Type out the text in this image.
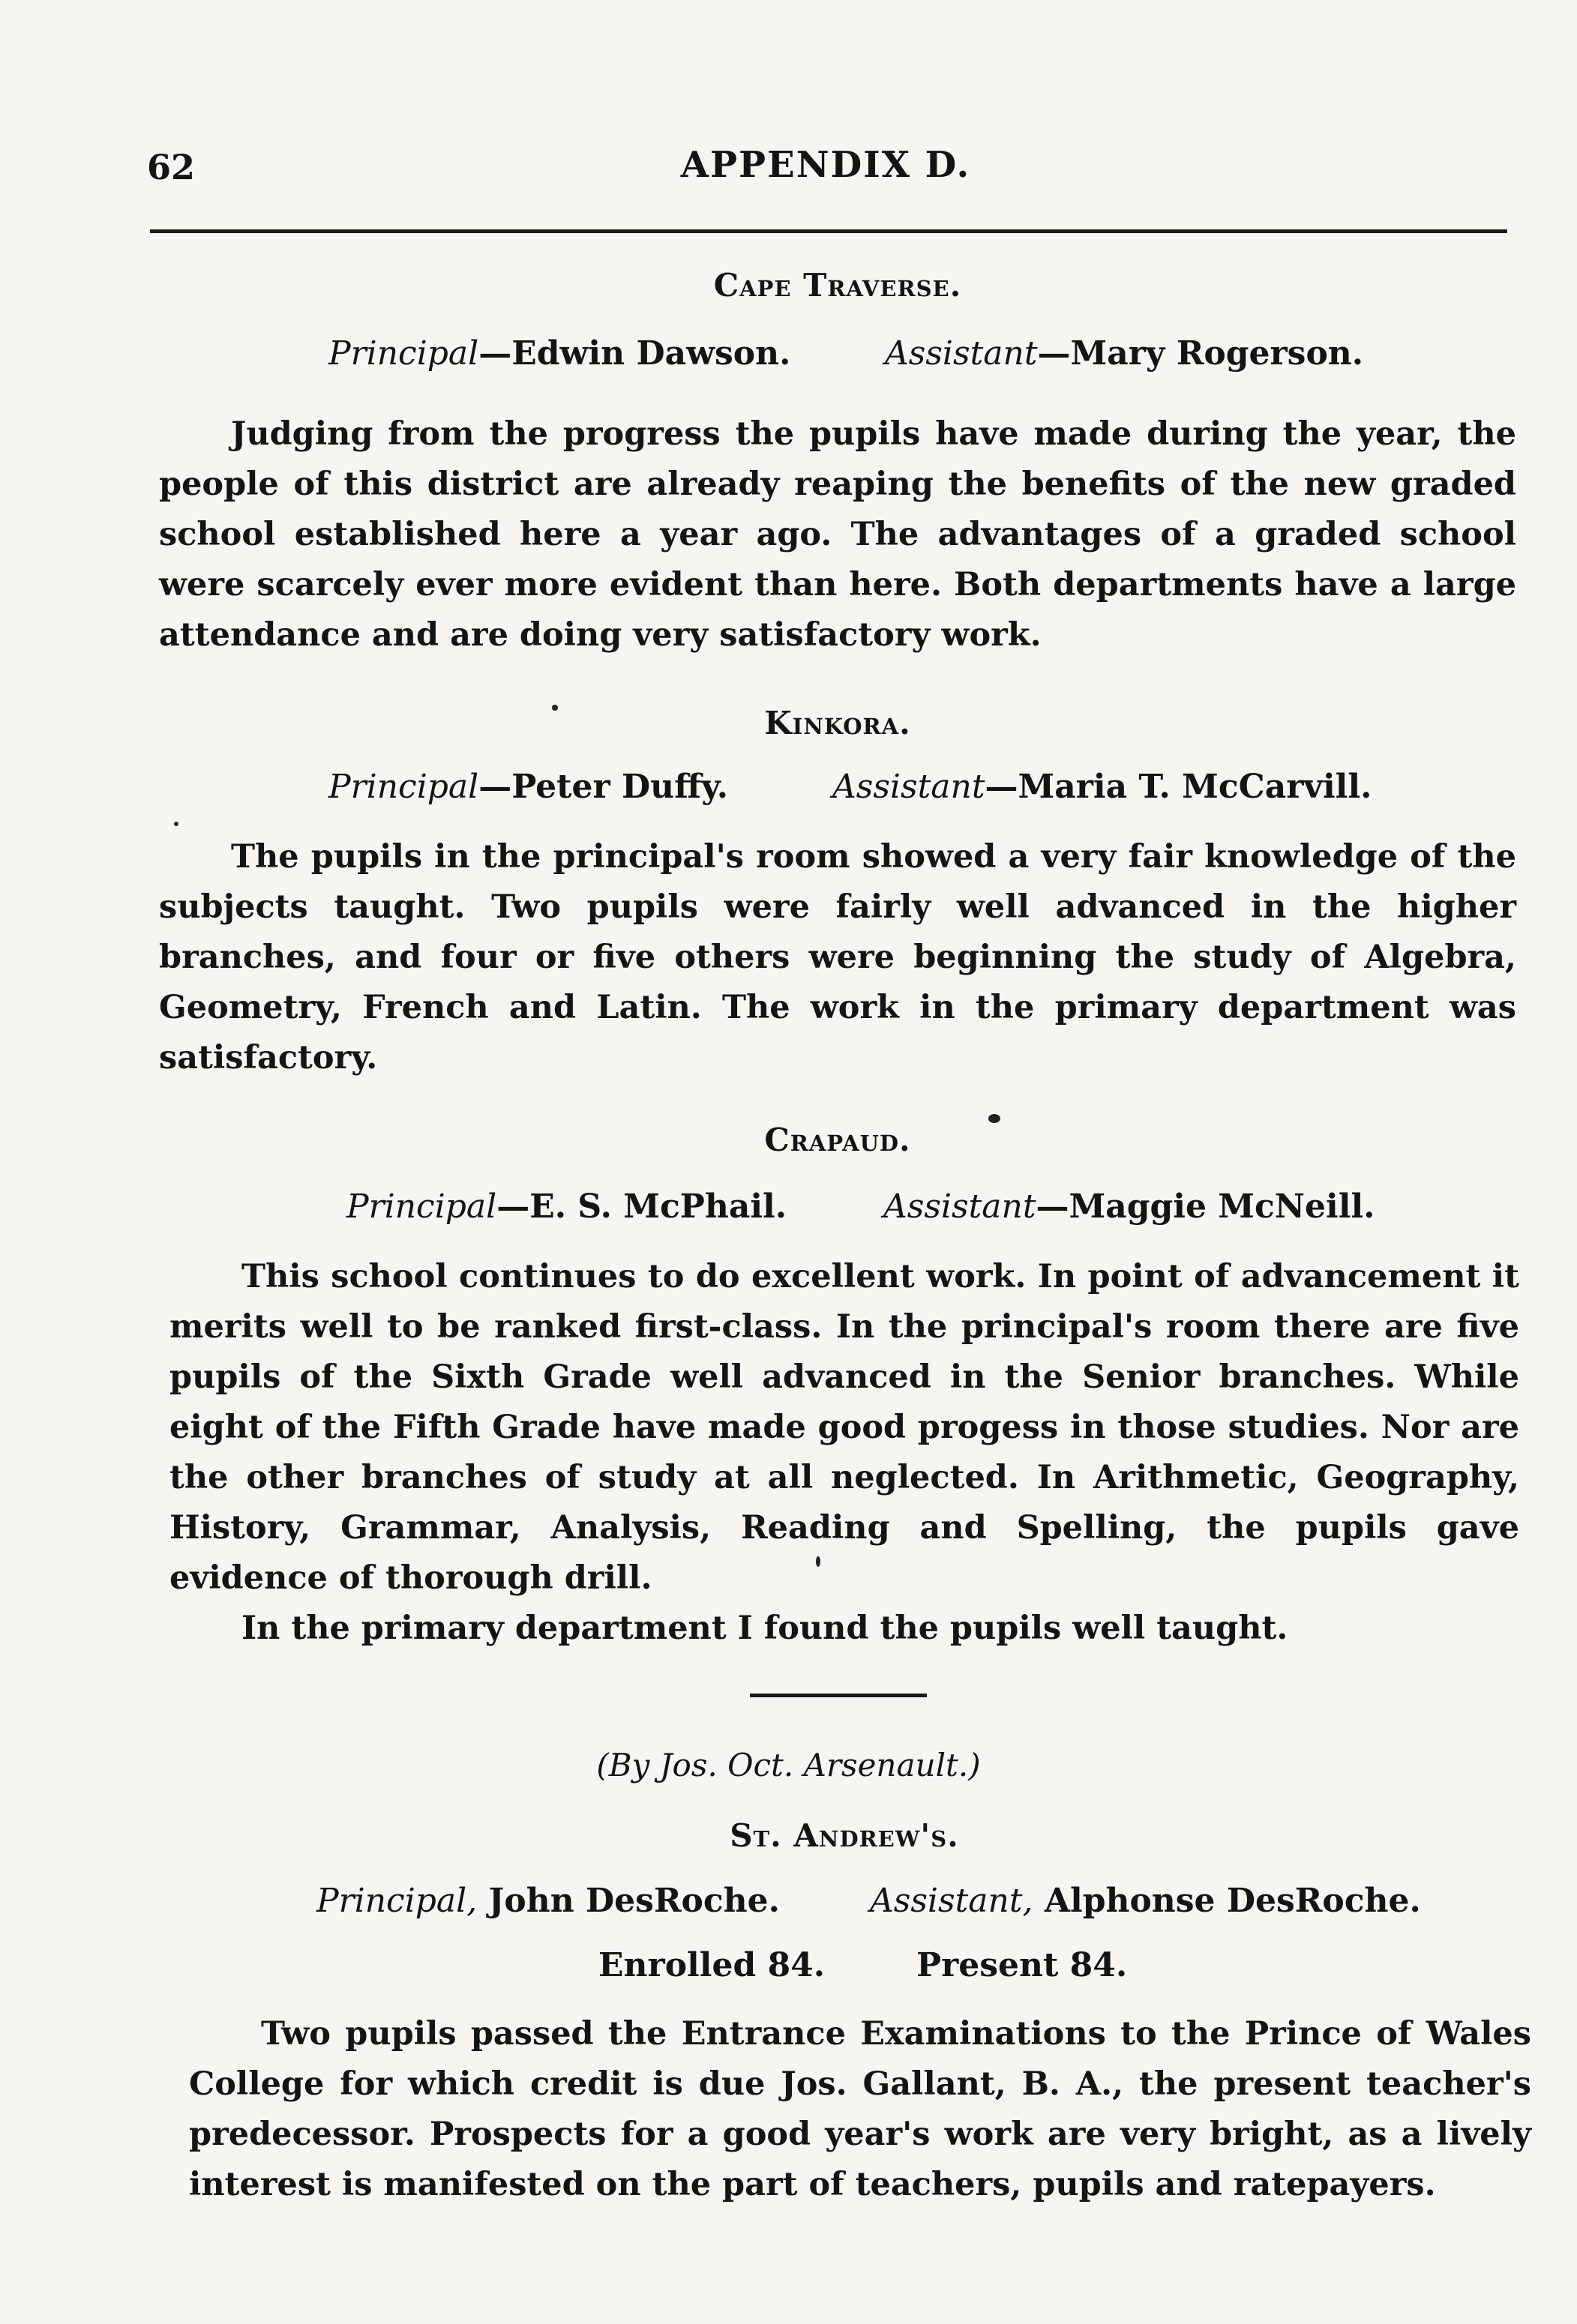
62	APPENDIX D.
Cape Traverse.
Principal—Edwin Dawson.	Assistant—Mary Rogerson.

Judging from the progress the pupils have made during the year, the people of this district are already reaping the benefits of the new graded school established here a year ago. The advantages of a graded school were scarcely ever more evident than here. Both departments have a large attendance and are doing very satisfactory work.

Kinkora.
Principal—Peter Duffy.	Assistant—Maria T. McCarvill.

The pupils in the principal's room showed a very fair knowledge of the subjects taught. Two pupils were fairly well advanced in the higher branches, and four or five others were beginning the study of Algebra, Geometry, French and Latin. The work in the primary department was satisfactory.

Crapaud.
Principal—E. S. McPhail.	Assistant—Maggie McNeill.

This school continues to do excellent work. In point of advancement it merits well to be ranked first-class. In the principal's room there are five pupils of the Sixth Grade well advanced in the Senior branches. While eight of the Fifth Grade have made good progess in those studies. Nor are the other branches of study at all neglected. In Arithmetic, Geography, History, Grammar, Analysis, Reading and Spelling, the pupils gave evidence of thorough drill.

In the primary department I found the pupils well taught.

(By Jos. Oct. Arsenault.)
St. Andrew's.
Principal, John DesRoche.	Assistant, Alphonse DesRoche.
Enrolled 84.	Present 84.

Two pupils passed the Entrance Examinations to the Prince of Wales College for which credit is due Jos. Gallant, B. A., the present teacher's predecessor. Prospects for a good year's work are very bright, as a lively interest is manifested on the part of teachers, pupils and ratepayers.
